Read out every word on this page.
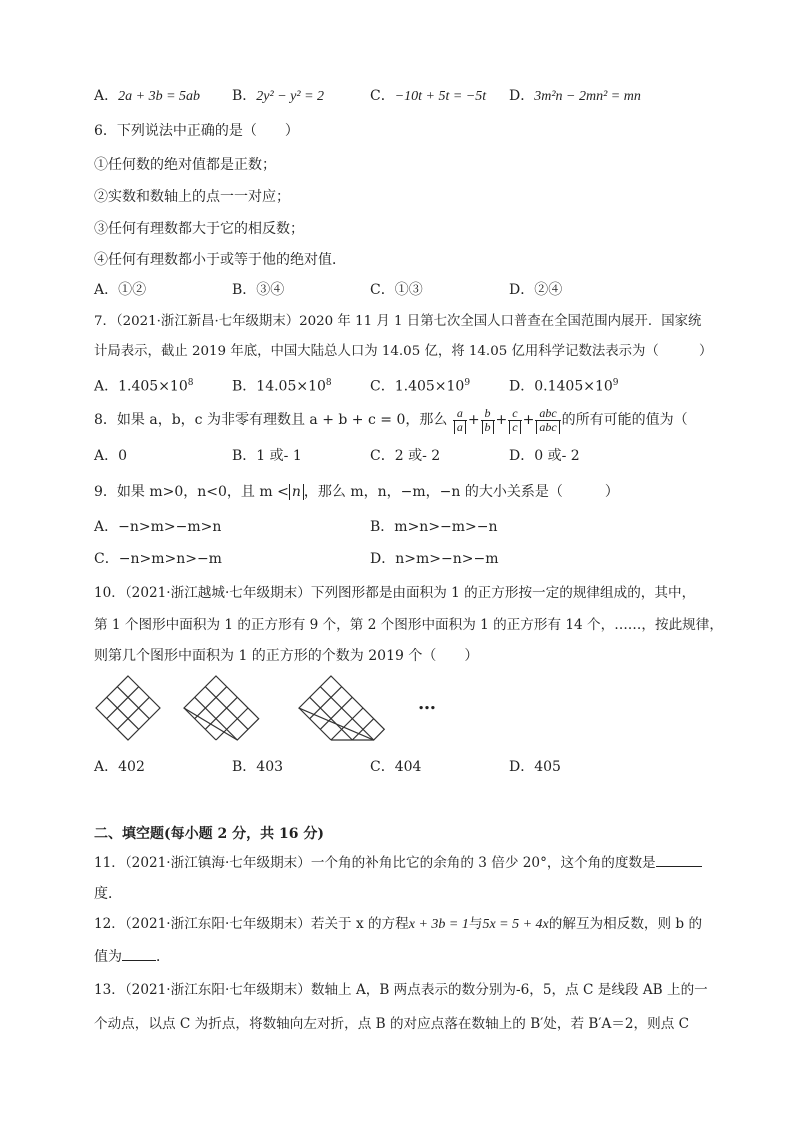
A．2a + 3b = 5ab B．2y² − y² = 2	C．−10t + 5t = −5t D．3m²n − 2mn² = mn
6．下列说法中正确的是（　　）
①任何数的绝对值都是正数；
②实数和数轴上的点一一对应；
③任何有理数都大于它的相反数；
④任何有理数都小于或等于他的绝对值．
A．①②	B．③④	C．①③	D．②④
7．（2021·浙江新昌·七年级期末）2020 年 11 月 1 日第七次全国人口普查在全国范围内展开．国家统
计局表示，截止 2019 年底，中国大陆总人口为 14.05 亿，将 14.05 亿用科学记数法表示为（　　　）
A．$1.405\times 10^8$	B．$14.05\times 10^8$	C．$1.405\times 10^9$	D．$0.1405\times 10^9$
8．如果 a，b，c 为非零有理数且 a + b + c = 0，那么 $\frac{a}{a} + \frac{b}{b} + \frac{c}{c} + \frac{\text{abc}}{\text{abc}}$ 的所有可能的值为（
A．0	B．1 或- 1	C．2 或- 2	D．0 或- 2
9．如果 m>0，n<0，且 m < n ，那么 m，n，−m，−n 的大小关系是（　　　）
A．−n>m>−m>n	B．m>n>−m>−n
C．−n>m>n>−m	D．n>m>−n>−m
10．（2021·浙江越城·七年级期末）下列图形都是由面积为 1 的正方形按一定的规律组成的，其中，
第 1 个图形中面积为 1 的正方形有 9 个，第 2 个图形中面积为 1 的正方形有 14 个，……，按此规律，
则第几个图形中面积为 1 的正方形的个数为 2019 个（　　）
…
A．402	B．403	C．404	D．405
二、填空题(每小题 2 分，共 16 分)
11．（2021·浙江镇海·七年级期末）一个角的补角比它的余角的 3 倍少 20°，这个角的度数是
度．
12．（2021·浙江东阳·七年级期末）若关于 x 的方程x + 3b = 1与5x = 5 + 4x的解互为相反数，则 b 的
值为 ．
13．（2021·浙江东阳·七年级期末）数轴上 A，B 两点表示的数分别为-6，5，点 C 是线段 AB 上的一
个动点，以点 C 为折点，将数轴向左对折，点 B 的对应点落在数轴上的 B′处，若 B′A＝2，则点 C
